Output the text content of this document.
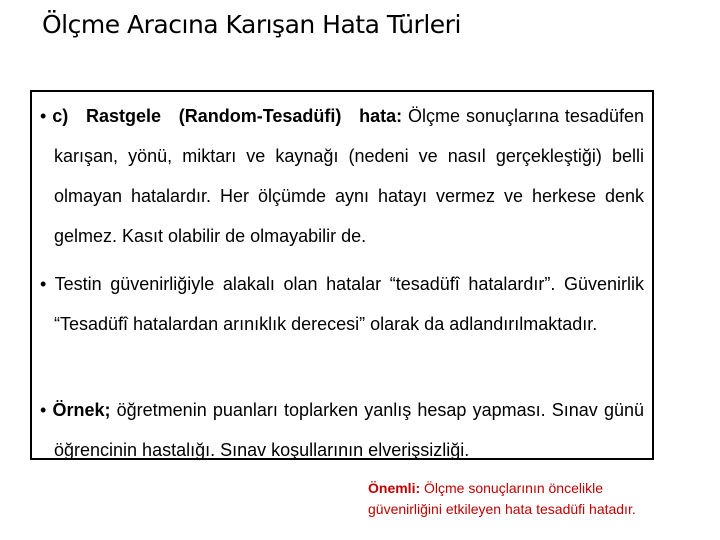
Ölçme Aracına Karışan Hata Türleri
• c)   Rastgele   (Random-Tesadüfi)   hata: Ölçme sonuçlarına tesadüfen karışan, yönü, miktarı ve kaynağı (nedeni ve nasıl gerçekleştiği) belli olmayan hatalardır. Her ölçümde aynı hatayı vermez ve herkese denk gelmez. Kasıt olabilir de olmayabilir de.
• Testin güvenirliğiyle alakalı olan hatalar “tesadüfî hatalardır”. Güvenirlik “Tesadüfî hatalardan arınıklık derecesi” olarak da adlandırılmaktadır.
• Örnek; öğretmenin puanları toplarken yanlış hesap yapması. Sınav günü öğrencinin hastalığı. Sınav koşullarının elverişsizliği.
Önemli: Ölçme sonuçlarının öncelikle
güvenirliğini etkileyen hata tesadüfi hatadır.
